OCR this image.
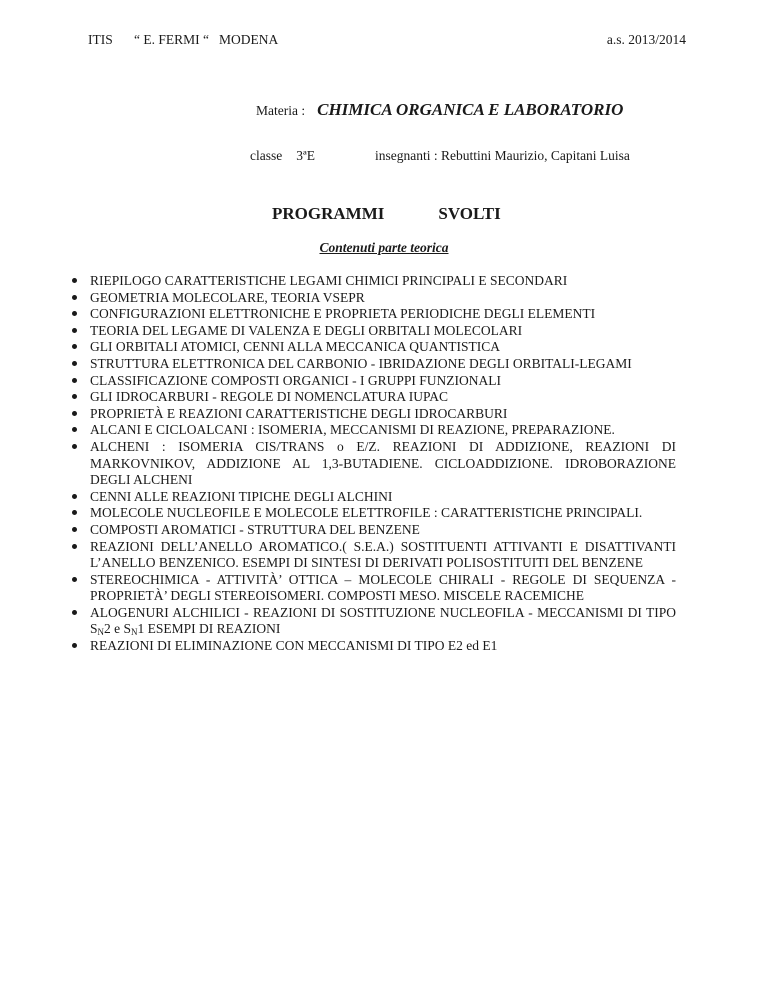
ITIS “ E. FERMI “ MODENA	a.s. 2013/2014
Materia : CHIMICA ORGANICA E LABORATORIO
classe 3ªE	insegnanti : Rebuttini Maurizio, Capitani Luisa
PROGRAMMI	SVOLTI
Contenuti parte teorica
RIEPILOGO CARATTERISTICHE LEGAMI CHIMICI PRINCIPALI E SECONDARI
GEOMETRIA MOLECOLARE, TEORIA VSEPR
CONFIGURAZIONI ELETTRONICHE E PROPRIETA PERIODICHE DEGLI ELEMENTI
TEORIA DEL LEGAME DI VALENZA E DEGLI ORBITALI MOLECOLARI
GLI ORBITALI ATOMICI, CENNI ALLA MECCANICA QUANTISTICA
STRUTTURA ELETTRONICA DEL CARBONIO - IBRIDAZIONE DEGLI ORBITALI-LEGAMI
CLASSIFICAZIONE COMPOSTI ORGANICI - I GRUPPI FUNZIONALI
GLI IDROCARBURI - REGOLE DI NOMENCLATURA IUPAC
PROPRIETÀ E REAZIONI CARATTERISTICHE DEGLI IDROCARBURI
ALCANI E CICLOALCANI : ISOMERIA, MECCANISMI DI REAZIONE, PREPARAZIONE.
ALCHENI : ISOMERIA CIS/TRANS o E/Z. REAZIONI DI ADDIZIONE, REAZIONI DI MARKOVNIKOV, ADDIZIONE AL 1,3-BUTADIENE. CICLOADDIZIONE. IDROBORAZIONE DEGLI ALCHENI
CENNI ALLE REAZIONI TIPICHE DEGLI ALCHINI
MOLECOLE NUCLEOFILE E MOLECOLE ELETTROFILE : CARATTERISTICHE PRINCIPALI.
COMPOSTI AROMATICI - STRUTTURA DEL BENZENE
REAZIONI DELL’ANELLO AROMATICO.( S.E.A.) SOSTITUENTI ATTIVANTI E DISATTIVANTI L’ANELLO BENZENICO. ESEMPI DI SINTESI DI DERIVATI POLISOSTITUITI DEL BENZENE
STEREOCHIMICA - ATTIVITÀ’ OTTICA – MOLECOLE CHIRALI - REGOLE DI SEQUENZA - PROPRIETÀ’ DEGLI STEREOISOMERI. COMPOSTI MESO. MISCELE RACEMICHE
ALOGENURI ALCHILICI - REAZIONI DI SOSTITUZIONE NUCLEOFILA - MECCANISMI DI TIPO $S_N2$ e $S_N1$ ESEMPI DI REAZIONI
REAZIONI DI ELIMINAZIONE CON MECCANISMI DI TIPO E2 ed E1
